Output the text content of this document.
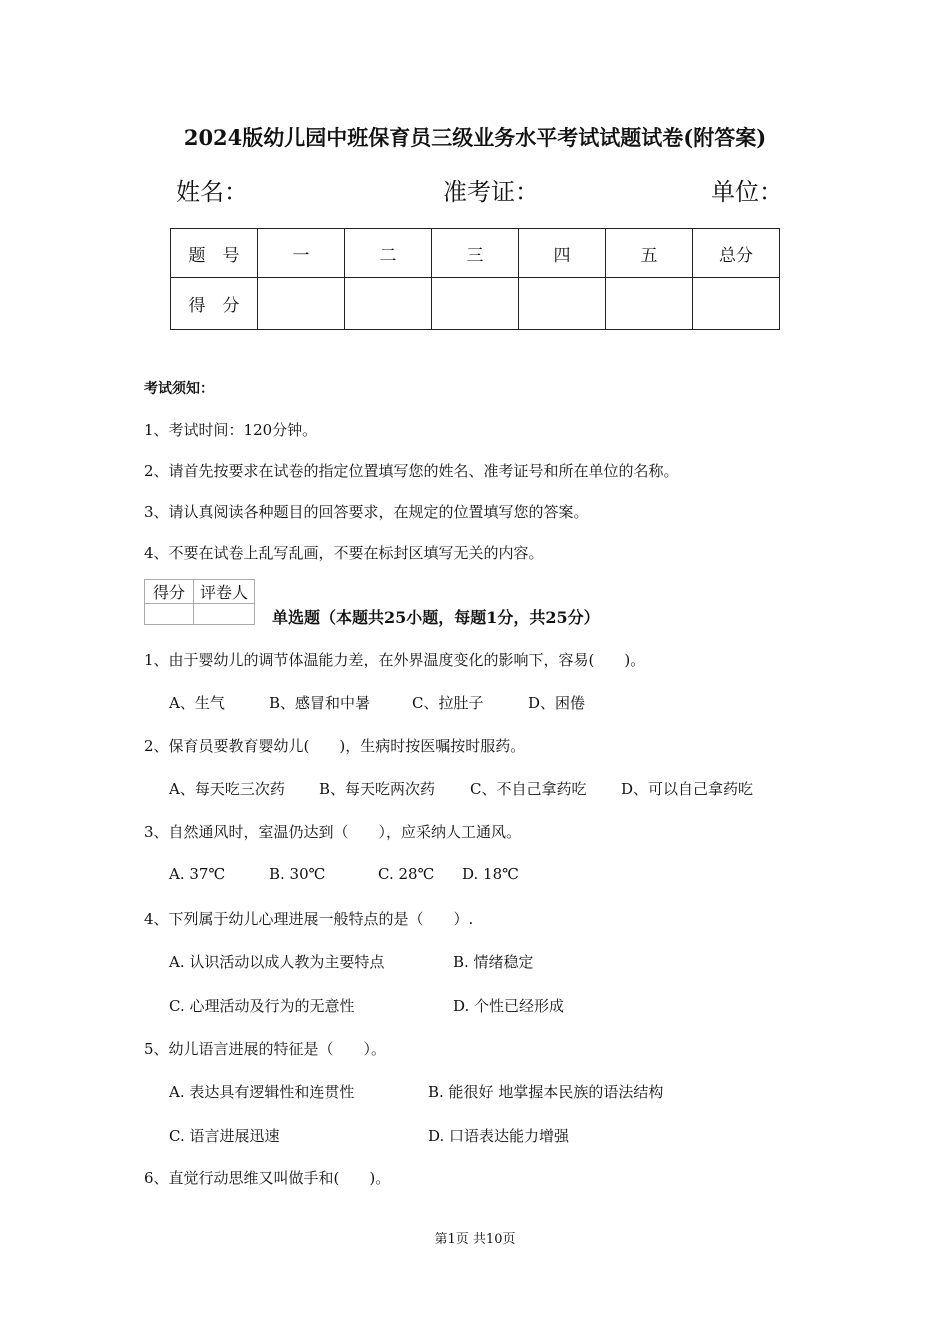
2024版幼儿园中班保育员三级业务水平考试试题试卷(附答案)
姓名：	准考证：	单位：
题　号	一	二	三	四	五	总分
得　分						
考试须知：
1、考试时间：120分钟。
2、请首先按要求在试卷的指定位置填写您的姓名、准考证号和所在单位的名称。
3、请认真阅读各种题目的回答要求，在规定的位置填写您的答案。
4、不要在试卷上乱写乱画，不要在标封区填写无关的内容。
得分	评卷人

单选题（本题共25小题，每题1分，共25分）
1、由于婴幼儿的调节体温能力差，在外界温度变化的影响下，容易(　　)。
A、生气	B、感冒和中暑	C、拉肚子	D、困倦
2、保育员要教育婴幼儿(　　)，生病时按医嘱按时服药。
A、每天吃三次药 B、每天吃两次药 C、不自己拿药吃 D、可以自己拿药吃
3、自然通风时，室温仍达到（　　），应采纳人工通风。
A. 37℃	B. 30℃	C. 28℃ D. 18℃
4、下列属于幼儿心理进展一般特点的是（　　）.
A. 认识活动以成人教为主要特点	B. 情绪稳定
C. 心理活动及行为的无意性	D. 个性已经形成
5、幼儿语言进展的特征是（　　）。
A. 表达具有逻辑性和连贯性	B. 能很好 地掌握本民族的语法结构
C. 语言进展迅速	D. 口语表达能力增强
6、直觉行动思维又叫做手和(　　)。
第1页 共10页
